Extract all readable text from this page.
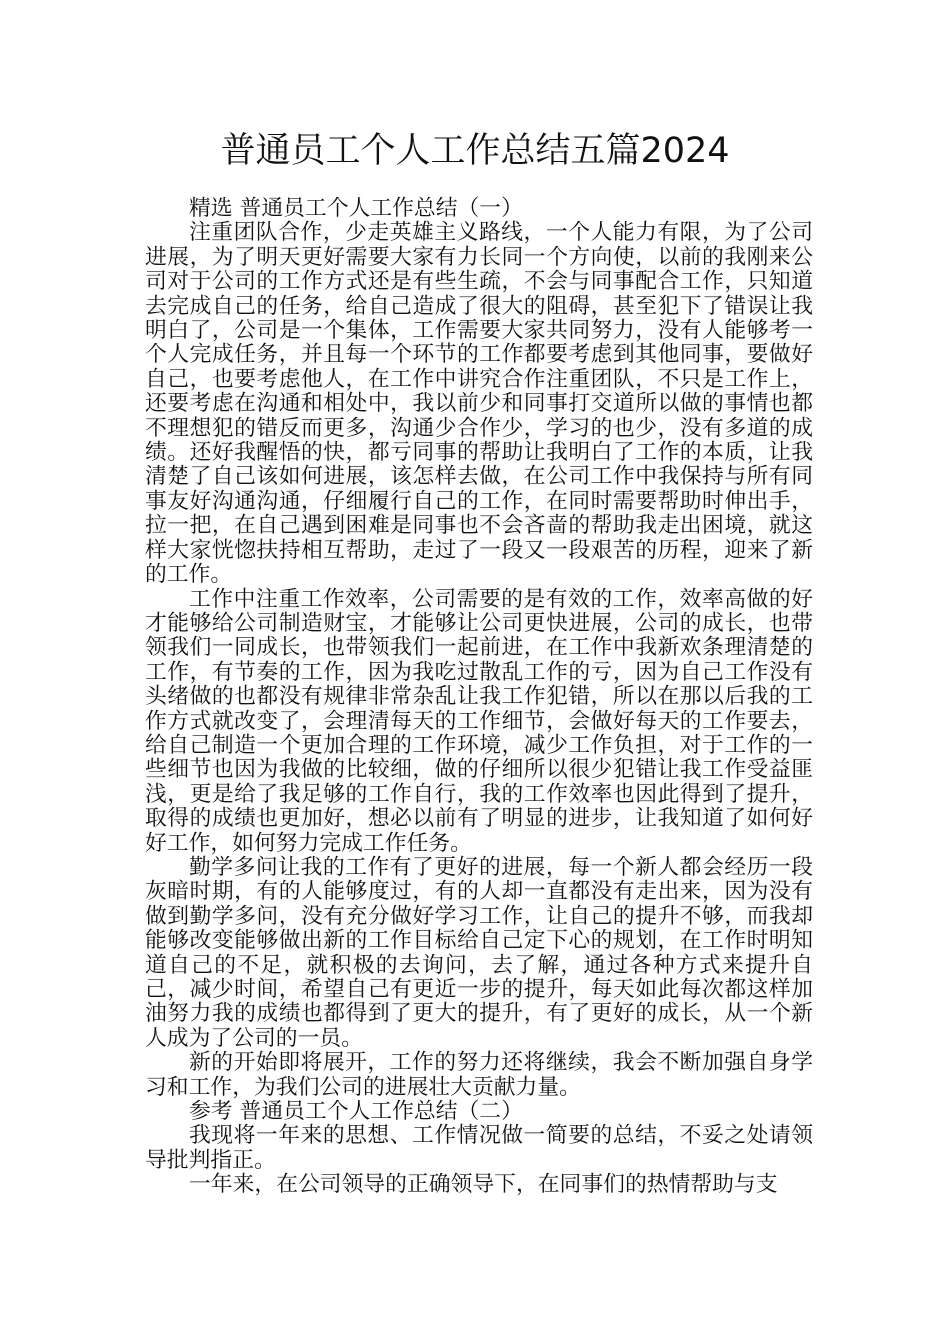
普通员工个人工作总结五篇2024

精选 普通员工个人工作总结（一）

注重团队合作，少走英雄主义路线，一个人能力有限，为了公司进展，为了明天更好需要大家有力长同一个方向使，以前的我刚来公司对于公司的工作方式还是有些生疏，不会与同事配合工作，只知道去完成自己的任务，给自己造成了很大的阻碍，甚至犯下了错误让我明白了，公司是一个集体，工作需要大家共同努力，没有人能够考一个人完成任务，并且每一个环节的工作都要考虑到其他同事，要做好自己，也要考虑他人，在工作中讲究合作注重团队，不只是工作上，还要考虑在沟通和相处中，我以前少和同事打交道所以做的事情也都不理想犯的错反而更多，沟通少合作少，学习的也少，没有多道的成绩。还好我醒悟的快，都亏同事的帮助让我明白了工作的本质，让我清楚了自己该如何进展，该怎样去做，在公司工作中我保持与所有同事友好沟通沟通，仔细履行自己的工作，在同时需要帮助时伸出手，拉一把，在自己遇到困难是同事也不会吝啬的帮助我走出困境，就这样大家恍惚扶持相互帮助，走过了一段又一段艰苦的历程，迎来了新的工作。

工作中注重工作效率，公司需要的是有效的工作，效率高做的好才能够给公司制造财宝，才能够让公司更快进展，公司的成长，也带领我们一同成长，也带领我们一起前进，在工作中我新欢条理清楚的工作，有节奏的工作，因为我吃过散乱工作的亏，因为自己工作没有头绪做的也都没有规律非常杂乱让我工作犯错，所以在那以后我的工作方式就改变了，会理清每天的工作细节，会做好每天的工作要去，给自己制造一个更加合理的工作环境，减少工作负担，对于工作的一些细节也因为我做的比较细，做的仔细所以很少犯错让我工作受益匪浅，更是给了我足够的工作自行，我的工作效率也因此得到了提升，取得的成绩也更加好，想必以前有了明显的进步，让我知道了如何好好工作，如何努力完成工作任务。

勤学多问让我的工作有了更好的进展，每一个新人都会经历一段灰暗时期，有的人能够度过，有的人却一直都没有走出来，因为没有做到勤学多问，没有充分做好学习工作，让自己的提升不够，而我却能够改变能够做出新的工作目标给自己定下心的规划，在工作时明知道自己的不足，就积极的去询问，去了解，通过各种方式来提升自己，减少时间，希望自己有更近一步的提升，每天如此每次都这样加油努力我的成绩也都得到了更大的提升，有了更好的成长，从一个新人成为了公司的一员。

新的开始即将展开，工作的努力还将继续，我会不断加强自身学习和工作，为我们公司的进展壮大贡献力量。

参考 普通员工个人工作总结（二）

我现将一年来的思想、工作情况做一简要的总结，不妥之处请领导批判指正。

一年来，在公司领导的正确领导下，在同事们的热情帮助与支
